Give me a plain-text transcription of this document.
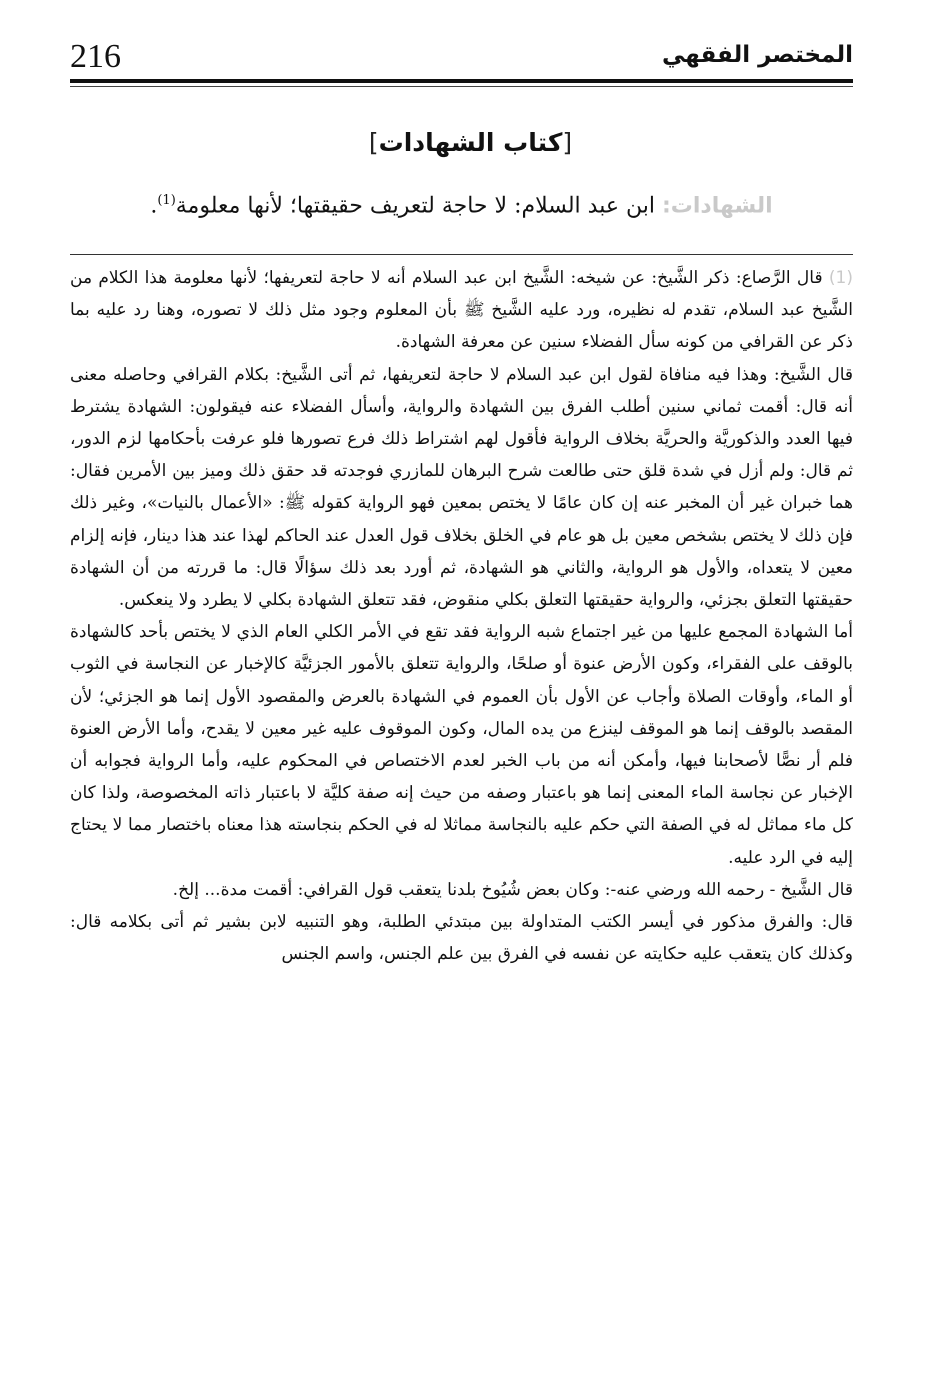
216	المختصر الفقهي
[كتاب الشهادات]
الشهادات: ابن عبد السلام: لا حاجة لتعريف حقيقتها؛ لأنها معلومة$^{(1)}$.

(1) قال الرَّصاع: ذكر الشَّيخ: عن شيخه: الشَّيخ ابن عبد السلام أنه لا حاجة لتعريفها؛ لأنها معلومة هذا الكلام من الشَّيخ عبد السلام، تقدم له نظيره، ورد عليه الشَّيخ ﷺ بأن المعلوم وجود مثل ذلك لا تصوره، وهنا رد عليه بما ذكر عن القرافي من كونه سأل الفضلاء سنين عن معرفة الشهادة.

قال الشَّيخ: وهذا فيه منافاة لقول ابن عبد السلام لا حاجة لتعريفها، ثم أتى الشَّيخ: بكلام القرافي وحاصله معنى أنه قال: أقمت ثماني سنين أطلب الفرق بين الشهادة والرواية، وأسأل الفضلاء عنه فيقولون: الشهادة يشترط فيها العدد والذكوريَّة والحريَّة بخلاف الرواية فأقول لهم اشتراط ذلك فرع تصورها فلو عرفت بأحكامها لزم الدور، ثم قال: ولم أزل في شدة قلق حتى طالعت شرح البرهان للمازري فوجدته قد حقق ذلك وميز بين الأمرين فقال: هما خبران غير أن المخبر عنه إن كان عامًا لا يختص بمعين فهو الرواية كقوله ﷺ: «الأعمال بالنيات»، وغير ذلك فإن ذلك لا يختص بشخص معين بل هو عام في الخلق بخلاف قول العدل عند الحاكم لهذا عند هذا دينار، فإنه إلزام معين لا يتعداه، والأول هو الرواية، والثاني هو الشهادة، ثم أورد بعد ذلك سؤالًا قال: ما قررته من أن الشهادة حقيقتها التعلق بجزئي، والرواية حقيقتها التعلق بكلي منقوض، فقد تتعلق الشهادة بكلي لا يطرد ولا ينعكس.

أما الشهادة المجمع عليها من غير اجتماع شبه الرواية فقد تقع في الأمر الكلي العام الذي لا يختص بأحد كالشهادة بالوقف على الفقراء، وكون الأرض عنوة أو صلحًا، والرواية تتعلق بالأمور الجزئيَّة كالإخبار عن النجاسة في الثوب أو الماء، وأوقات الصلاة وأجاب عن الأول بأن العموم في الشهادة بالعرض والمقصود الأول إنما هو الجزئي؛ لأن المقصد بالوقف إنما هو الموقف لينزع من يده المال، وكون الموقوف عليه غير معين لا يقدح، وأما الأرض العنوة فلم أر نصًّا لأصحابنا فيها، وأمكن أنه من باب الخبر لعدم الاختصاص في المحكوم عليه، وأما الرواية فجوابه أن الإخبار عن نجاسة الماء المعنى إنما هو باعتبار وصفه من حيث إنه صفة كليَّة لا باعتبار ذاته المخصوصة، ولذا كان كل ماء مماثل له في الصفة التي حكم عليه بالنجاسة مماثلا له في الحكم بنجاسته هذا معناه باختصار مما لا يحتاج إليه في الرد عليه.

قال الشَّيخ - رحمه الله ورضي عنه-: وكان بعض شُيُوخ بلدنا يتعقب قول القرافي: أقمت مدة... إلخ.

قال: والفرق مذكور في أيسر الكتب المتداولة بين مبتدئي الطلبة، وهو التنبيه لابن بشير ثم أتى بكلامه قال: وكذلك كان يتعقب عليه حكايته عن نفسه في الفرق بين علم الجنس، واسم الجنس
